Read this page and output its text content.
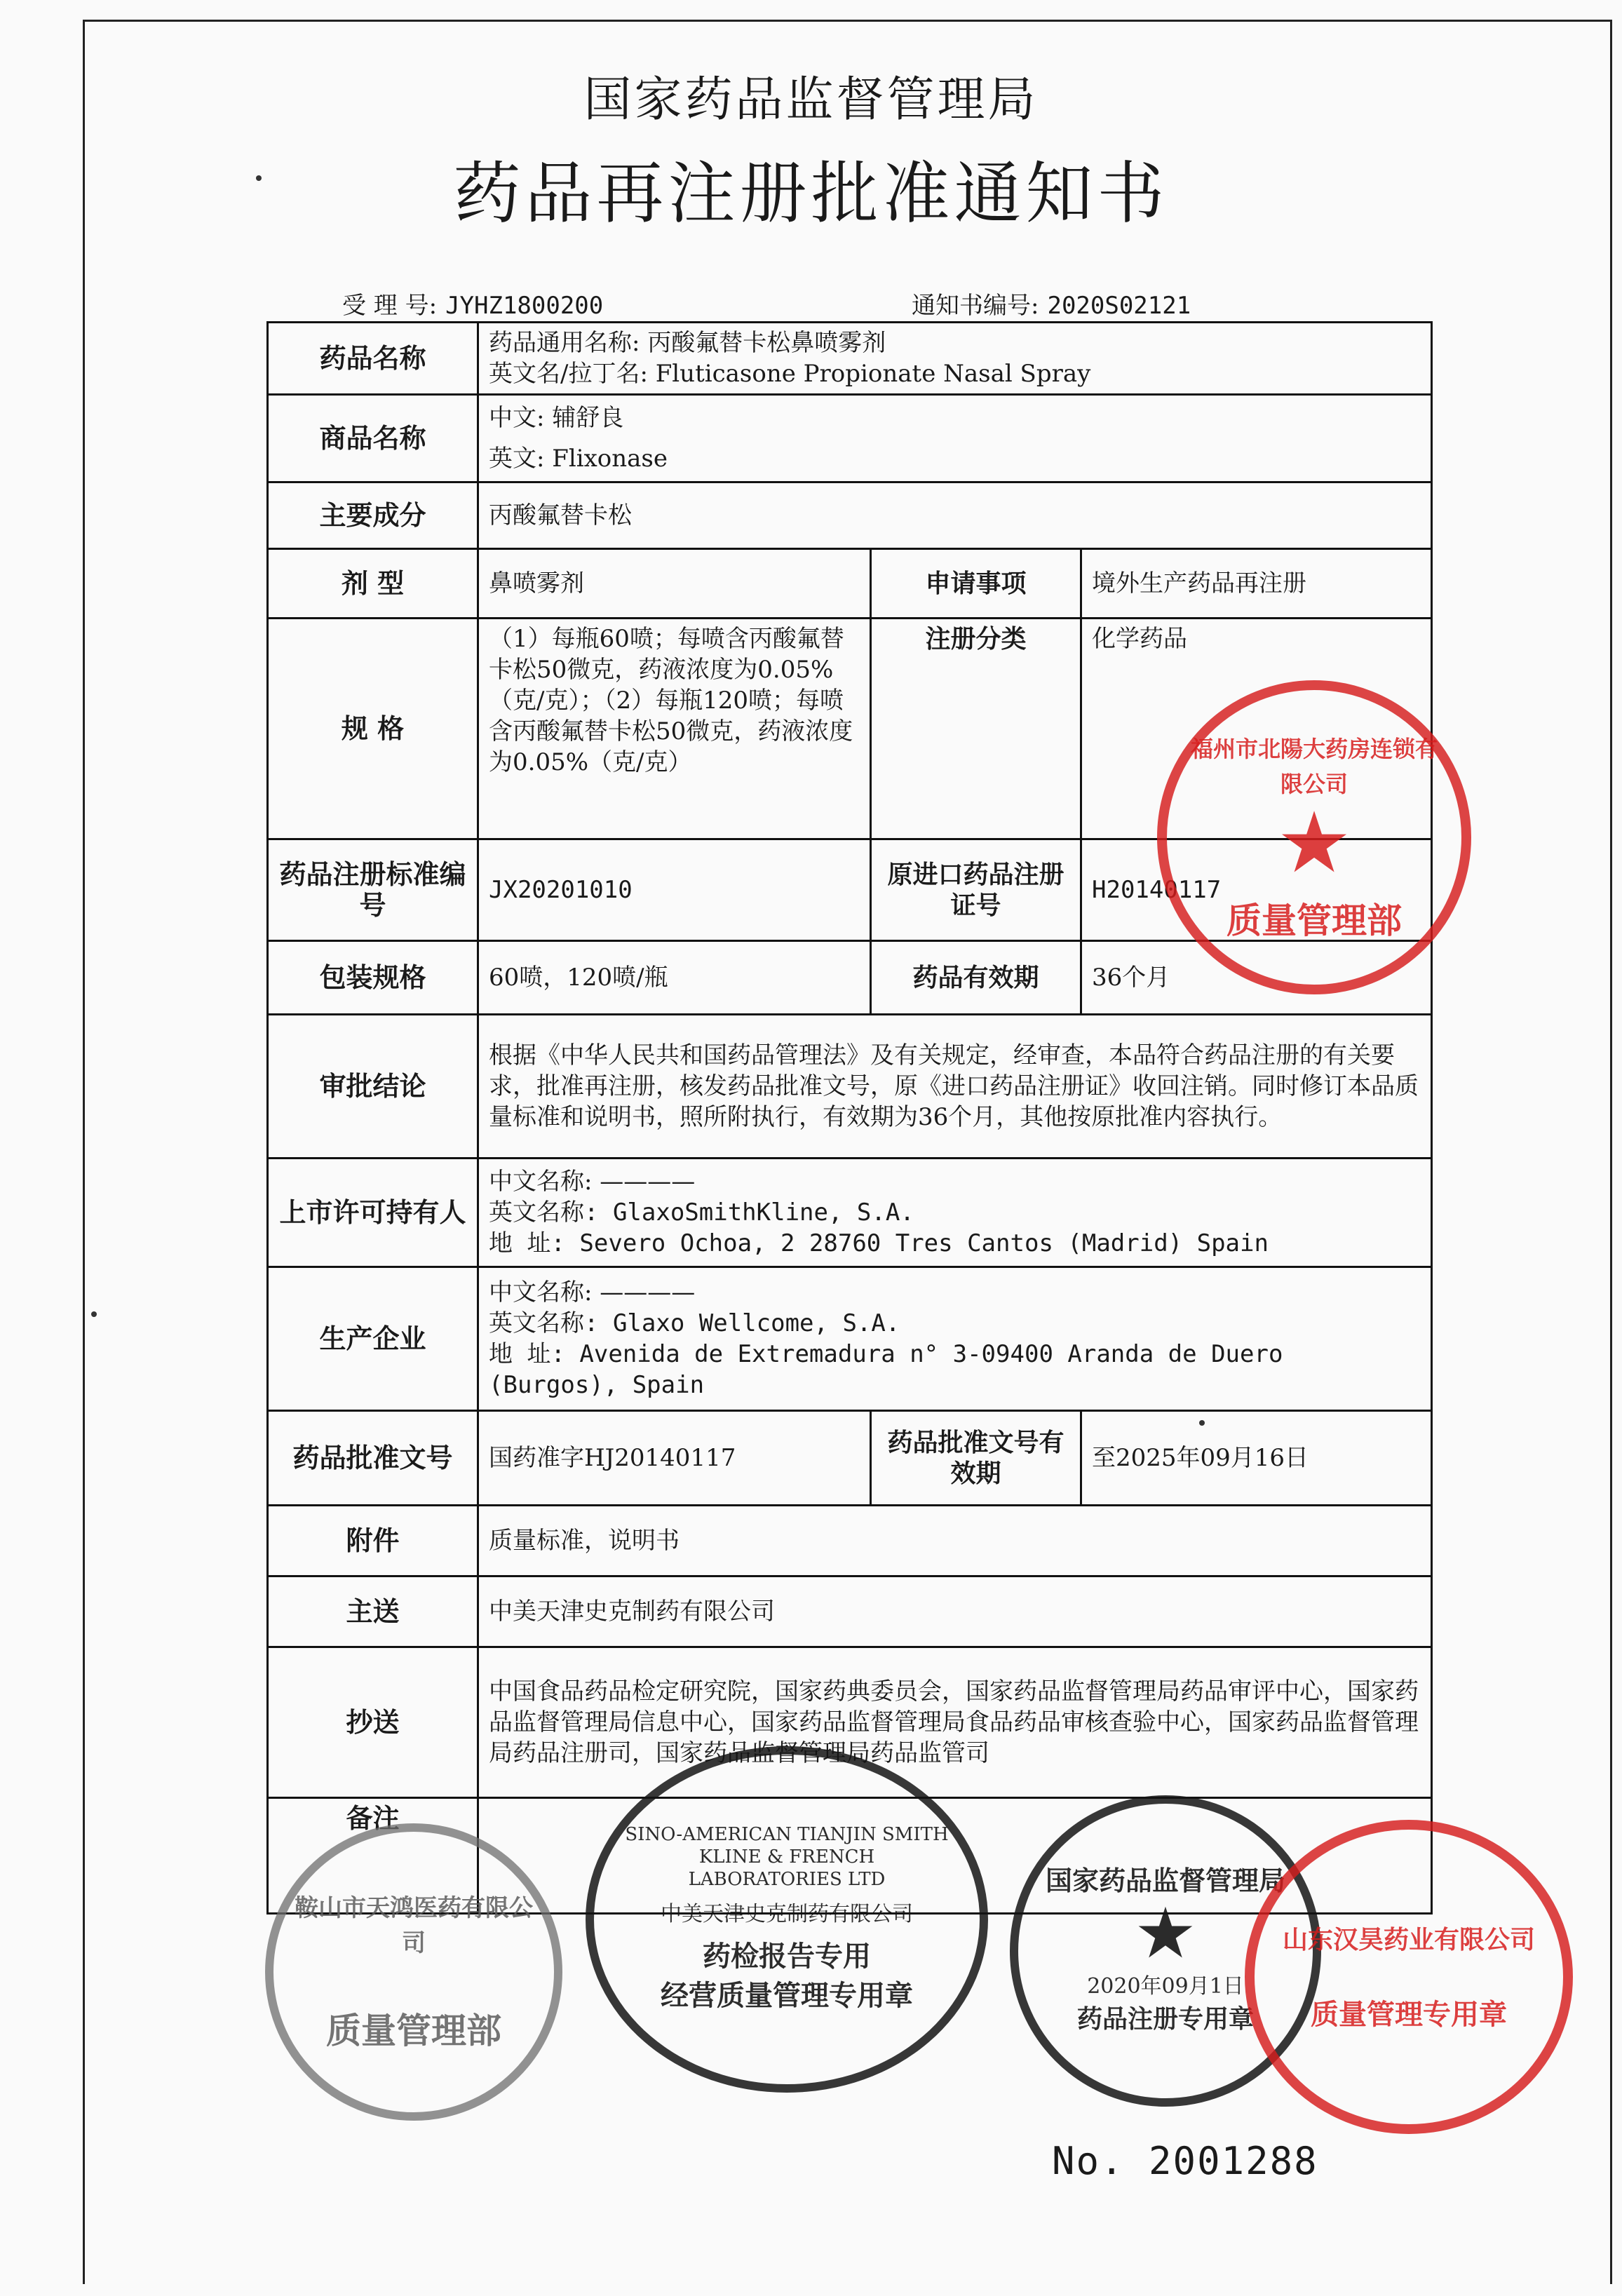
国家药品监督管理局
药品再注册批准通知书
受 理 号: JYHZ1800200	通知书编号: 2020S02121
药品名称	药品通用名称: 丙酸氟替卡松鼻喷雾剂
英文名/拉丁名: Fluticasone Propionate Nasal Spray		

商品名称	中文: 辅舒良
英文: Flixonase		

主要成分	丙酸氟替卡松		
剂 型	鼻喷雾剂	申请事项	境外生产药品再注册
规 格	（1）每瓶60喷；每喷含丙酸氟替卡松50微克，药液浓度为0.05%（克/克）；（2）每瓶120喷；每喷含丙酸氟替卡松50微克，药液浓度为0.05%（克/克）	注册分类	化学药品
药品注册标准编号	JX20201010	原进口药品注册证号	H20140117
包装规格	60喷，120喷/瓶	药品有效期	36个月
审批结论	根据《中华人民共和国药品管理法》及有关规定，经审查，本品符合药品注册的有关要求，批准再注册，核发药品批准文号，原《进口药品注册证》收回注销。同时修订本品质量标准和说明书，照所附执行，有效期为36个月，其他按原批准内容执行。		
上市许可持有人	中文名称: ————
英文名称: GlaxoSmithKline, S.A.
地 址: Severo Ochoa, 2 28760 Tres Cantos (Madrid) Spain		

生产企业	中文名称: ————
英文名称: Glaxo Wellcome, S.A.
地 址: Avenida de Extremadura n° 3-09400 Aranda de Duero (Burgos), Spain		

药品批准文号	国药准字HJ20140117	药品批准文号有效期	至2025年09月16日
附件	质量标准，说明书		
主送	中美天津史克制药有限公司		
抄送	中国食品药品检定研究院，国家药典委员会，国家药品监督管理局药品审评中心，国家药品监督管理局信息中心，国家药品监督管理局食品药品审核查验中心，国家药品监督管理局药品注册司，国家药品监督管理局药品监管司		
备注			
福州市北陽大药房连锁有限公司
★
质量管理部
鞍山市天鸿医药有限公司
质量管理部
SINO-AMERICAN TIANJIN SMITH KLINE & FRENCH LABORATORIES LTD
中美天津史克制药有限公司
药检报告专用
经营质量管理专用章
国家药品监督管理局
★
2020年09月1日
药品注册专用章
山东汉昊药业有限公司
质量管理专用章
No. 2001288
